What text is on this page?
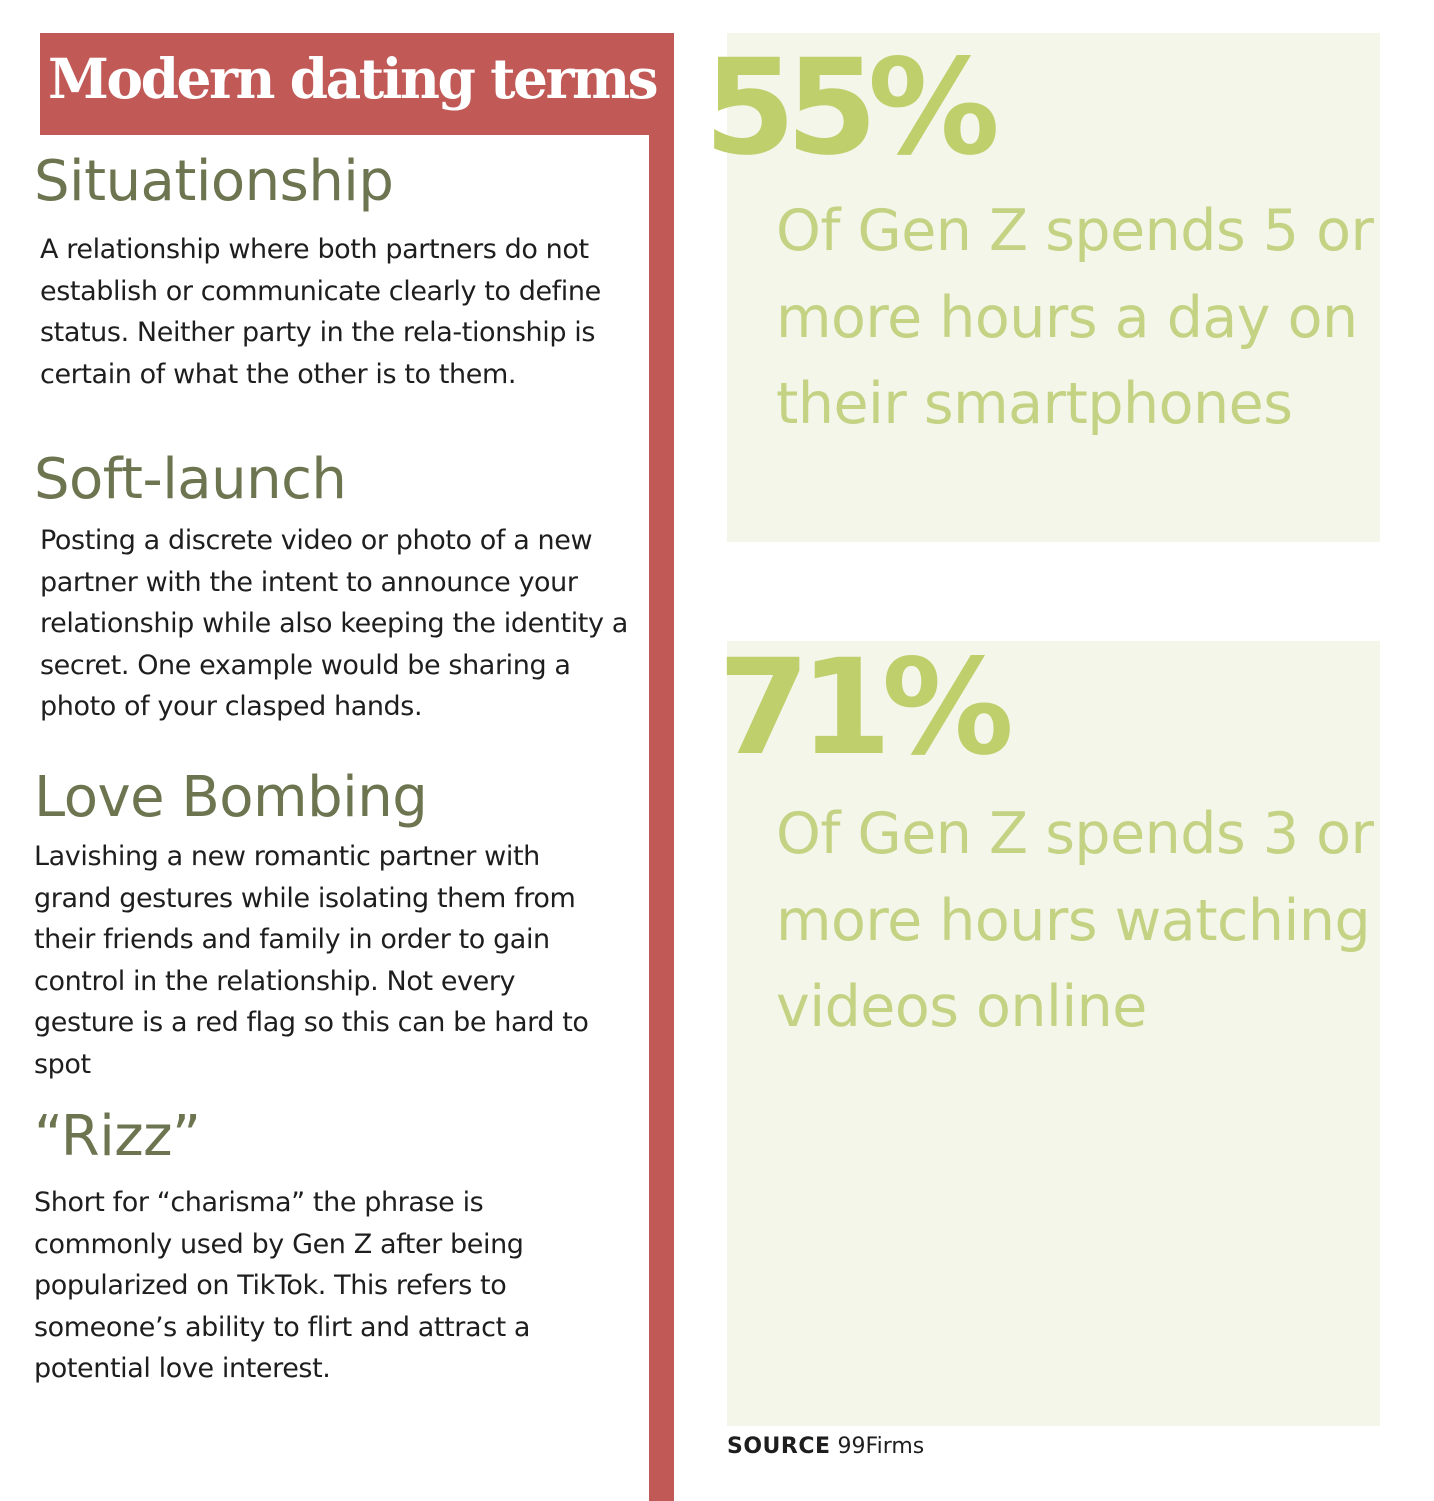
Modern dating terms
Situationship

A relationship where both partners do not establish or communicate clearly to define status. Neither party in the rela-tionship is certain of what the other is to them.

Soft-launch

Posting a discrete video or photo of a new partner with the intent to announce your relationship while also keeping the identity a secret. One example would be sharing a photo of your clasped hands.

Love Bombing

Lavishing a new romantic partner with grand gestures while isolating them from their friends and family in order to gain control in the relationship. Not every gesture is a red flag so this can be hard to spot

“Rizz”

Short for “charisma” the phrase is commonly used by Gen Z after being popularized on TikTok. This refers to someone’s ability to flirt and attract a potential love interest.

55%

Of Gen Z spends 5 or more hours a day on their smartphones

71%

Of Gen Z spends 3 or more hours watching videos online

SOURCE 99Firms
